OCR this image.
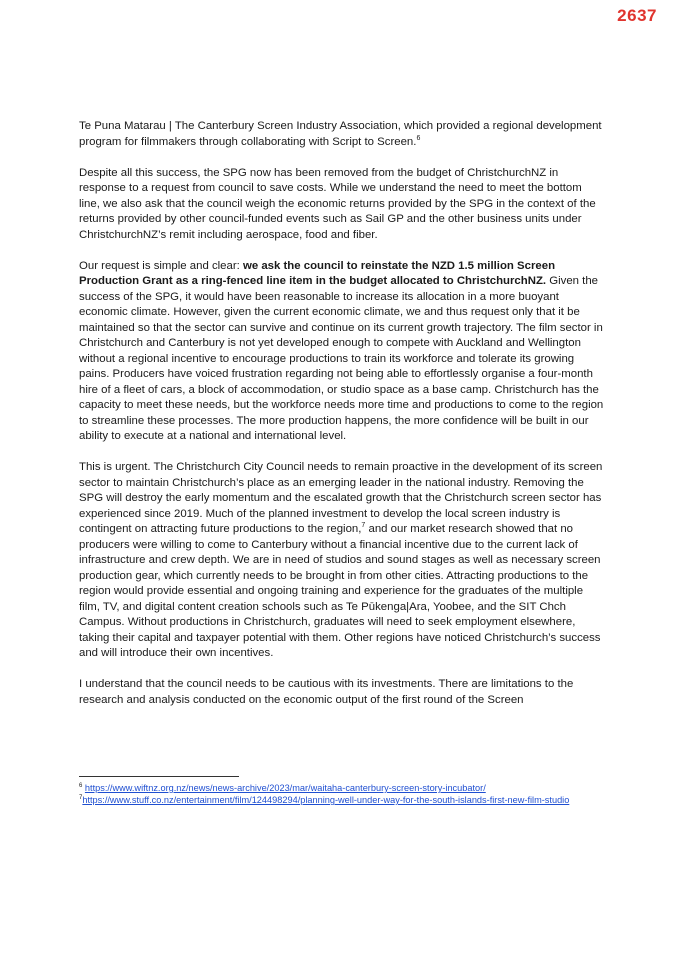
2637

Te Puna Matarau | The Canterbury Screen Industry Association, which provided a regional development program for filmmakers through collaborating with Script to Screen.$^6$

Despite all this success, the SPG now has been removed from the budget of ChristchurchNZ in response to a request from council to save costs. While we understand the need to meet the bottom line, we also ask that the council weigh the economic returns provided by the SPG in the context of the returns provided by other council-funded events such as Sail GP and the other business units under ChristchurchNZ’s remit including aerospace, food and fiber.

Our request is simple and clear: we ask the council to reinstate the NZD 1.5 million Screen Production Grant as a ring-fenced line item in the budget allocated to ChristchurchNZ. Given the success of the SPG, it would have been reasonable to increase its allocation in a more buoyant economic climate. However, given the current economic climate, we and thus request only that it be maintained so that the sector can survive and continue on its current growth trajectory. The film sector in Christchurch and Canterbury is not yet developed enough to compete with Auckland and Wellington without a regional incentive to encourage productions to train its workforce and tolerate its growing pains. Producers have voiced frustration regarding not being able to effortlessly organise a four-month hire of a fleet of cars, a block of accommodation, or studio space as a base camp. Christchurch has the capacity to meet these needs, but the workforce needs more time and productions to come to the region to streamline these processes. The more production happens, the more confidence will be built in our ability to execute at a national and international level.

This is urgent. The Christchurch City Council needs to remain proactive in the development of its screen sector to maintain Christchurch’s place as an emerging leader in the national industry. Removing the SPG will destroy the early momentum and the escalated growth that the Christchurch screen sector has experienced since 2019. Much of the planned investment to develop the local screen industry is contingent on attracting future productions to the region,$^7$ and our market research showed that no producers were willing to come to Canterbury without a financial incentive due to the current lack of infrastructure and crew depth. We are in need of studios and sound stages as well as necessary screen production gear, which currently needs to be brought in from other cities. Attracting productions to the region would provide essential and ongoing training and experience for the graduates of the multiple film, TV, and digital content creation schools such as Te Pūkenga|Ara, Yoobee, and the SIT Chch Campus. Without productions in Christchurch, graduates will need to seek employment elsewhere, taking their capital and taxpayer potential with them. Other regions have noticed Christchurch’s success and will introduce their own incentives.

I understand that the council needs to be cautious with its investments. There are limitations to the research and analysis conducted on the economic output of the first round of the Screen

$^6$ https://www.wiftnz.org.nz/news/news-archive/2023/mar/waitaha-canterbury-screen-story-incubator/

$^7$https://www.stuff.co.nz/entertainment/film/124498294/planning-well-under-way-for-the-south-islands-first-new-film-studio
